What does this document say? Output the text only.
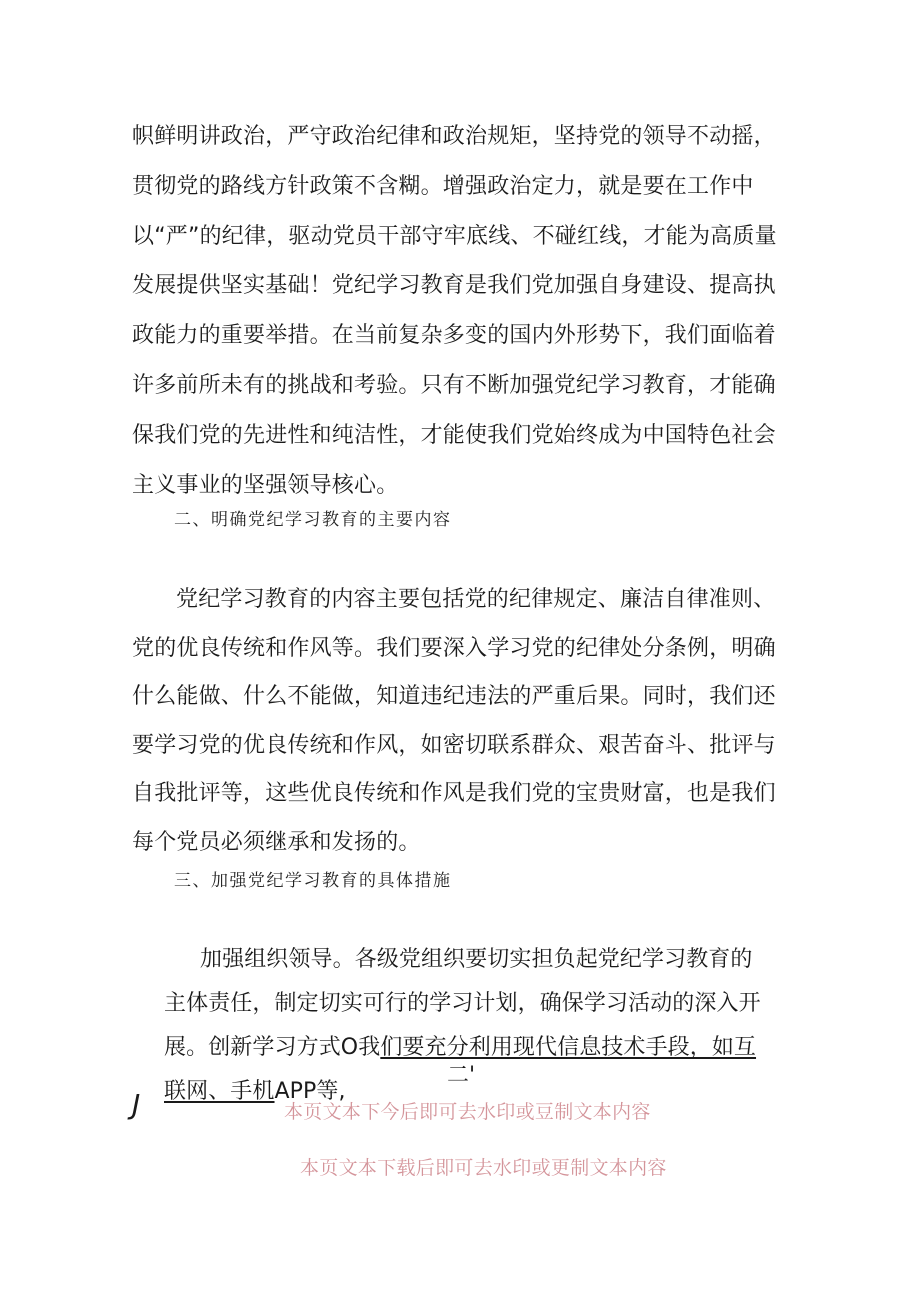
帜鲜明讲政治，严守政治纪律和政治规矩，坚持党的领导不动摇，贯彻党的路线方针政策不含糊。增强政治定力，就是要在工作中以“严”的纪律，驱动党员干部守牢底线、不碰红线，才能为高质量发展提供坚实基础！党纪学习教育是我们党加强自身建设、提高执政能力的重要举措。在当前复杂多变的国内外形势下，我们面临着许多前所未有的挑战和考验。只有不断加强党纪学习教育，才能确保我们党的先进性和纯洁性，才能使我们党始终成为中国特色社会主义事业的坚强领导核心。

二、明确党纪学习教育的主要内容

党纪学习教育的内容主要包括党的纪律规定、廉洁自律准则、党的优良传统和作风等。我们要深入学习党的纪律处分条例，明确什么能做、什么不能做，知道违纪违法的严重后果。同时，我们还要学习党的优良传统和作风，如密切联系群众、艰苦奋斗、批评与自我批评等，这些优良传统和作风是我们党的宝贵财富，也是我们每个党员必须继承和发扬的。

三、加强党纪学习教育的具体措施

加强组织领导。各级党组织要切实担负起党纪学习教育的主体责任，制定切实可行的学习计划，确保学习活动的深入开展。创新学习方式O我们要充分利用现代信息技术手段，如互联网、手机APP等,

二'
J	本页文本下今后即可去水印或豆制文本内容

本页文本下载后即可去水印或更制文本内容
